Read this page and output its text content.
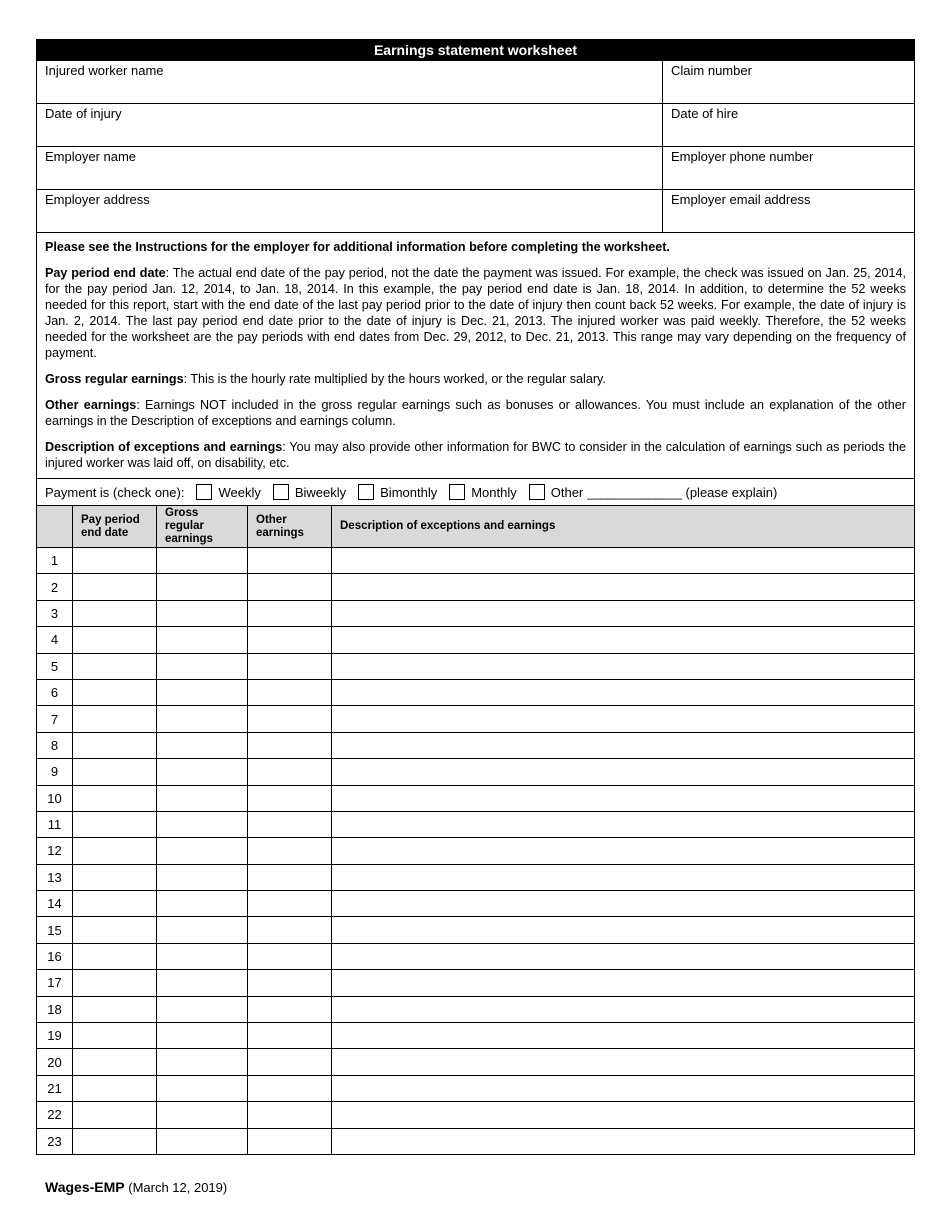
Earnings statement worksheet
Injured worker name	Claim number
Date of injury	Date of hire
Employer name	Employer phone number
Employer address	Employer email address

Please see the Instructions for the employer for additional information before completing the worksheet.

Pay period end date: The actual end date of the pay period, not the date the payment was issued. For example, the check was issued on Jan. 25, 2014, for the pay period Jan. 12, 2014, to Jan. 18, 2014. In this example, the pay period end date is Jan. 18, 2014. In addition, to determine the 52 weeks needed for this report, start with the end date of the last pay period prior to the date of injury then count back 52 weeks. For example, the date of injury is Jan. 2, 2014. The last pay period end date prior to the date of injury is Dec. 21, 2013. The injured worker was paid weekly. Therefore, the 52 weeks needed for the worksheet are the pay periods with end dates from Dec. 29, 2012, to Dec. 21, 2013. This range may vary depending on the frequency of payment.

Gross regular earnings: This is the hourly rate multiplied by the hours worked, or the regular salary.

Other earnings: Earnings NOT included in the gross regular earnings such as bonuses or allowances. You must include an explanation of the other earnings in the Description of exceptions and earnings column.

Description of exceptions and earnings: You may also provide other information for BWC to consider in the calculation of earnings such as periods the injured worker was laid off, on disability, etc.

Payment is (check one):	Weekly	Biweekly	Bimonthly	Monthly	Other ______________ (please explain)
	Pay period end date	Gross regular earnings	Other earnings	Description of exceptions and earnings
1				
2				
3				
4				
5				
6				
7				
8				
9				
10				
11				
12				
13				
14				
15				
16				
17				
18				
19				
20				
21				
22				
23				
Wages-EMP (March 12, 2019)
